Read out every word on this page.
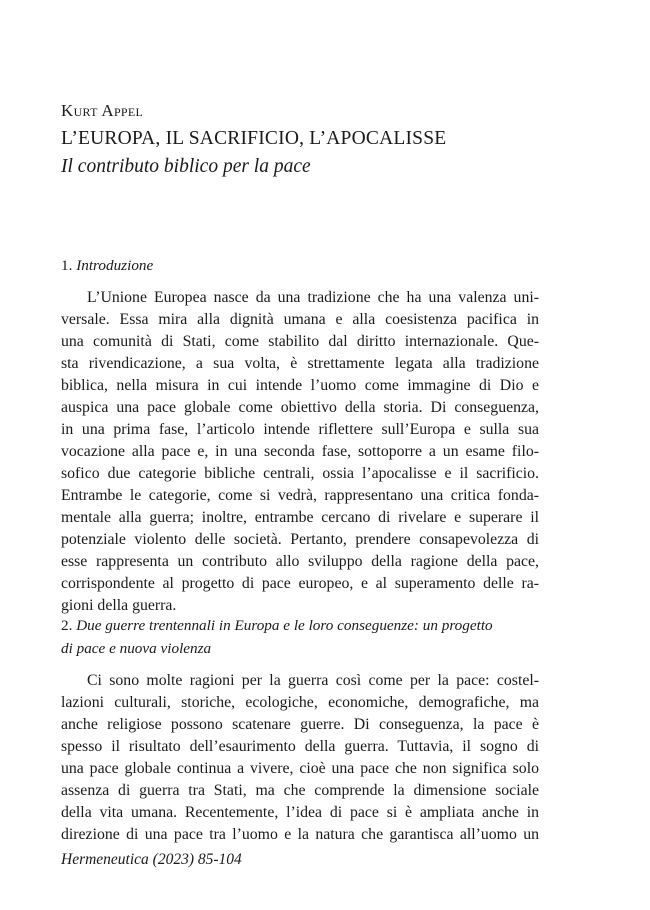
Kurt Appel
L’EUROPA, IL SACRIFICIO, L’APOCALISSE
Il contributo biblico per la pace
1. Introduzione
L’Unione Europea nasce da una tradizione che ha una valenza uni-
versale. Essa mira alla dignità umana e alla coesistenza pacifica in
una comunità di Stati, come stabilito dal diritto internazionale. Que-
sta rivendicazione, a sua volta, è strettamente legata alla tradizione
biblica, nella misura in cui intende l’uomo come immagine di Dio e
auspica una pace globale come obiettivo della storia. Di conseguenza,
in una prima fase, l’articolo intende riflettere sull’Europa e sulla sua
vocazione alla pace e, in una seconda fase, sottoporre a un esame filo-
sofico due categorie bibliche centrali, ossia l’apocalisse e il sacrificio.
Entrambe le categorie, come si vedrà, rappresentano una critica fonda-
mentale alla guerra; inoltre, entrambe cercano di rivelare e superare il
potenziale violento delle società. Pertanto, prendere consapevolezza di
esse rappresenta un contributo allo sviluppo della ragione della pace,
corrispondente al progetto di pace europeo, e al superamento delle ra-
gioni della guerra.
2. Due guerre trentennali in Europa e le loro conseguenze: un progetto
di pace e nuova violenza
Ci sono molte ragioni per la guerra così come per la pace: costel-
lazioni culturali, storiche, ecologiche, economiche, demografiche, ma
anche religiose possono scatenare guerre. Di conseguenza, la pace è
spesso il risultato dell’esaurimento della guerra. Tuttavia, il sogno di
una pace globale continua a vivere, cioè una pace che non significa solo
assenza di guerra tra Stati, ma che comprende la dimensione sociale
della vita umana. Recentemente, l’idea di pace si è ampliata anche in
direzione di una pace tra l’uomo e la natura che garantisca all’uomo un
Hermeneutica (2023) 85-104
